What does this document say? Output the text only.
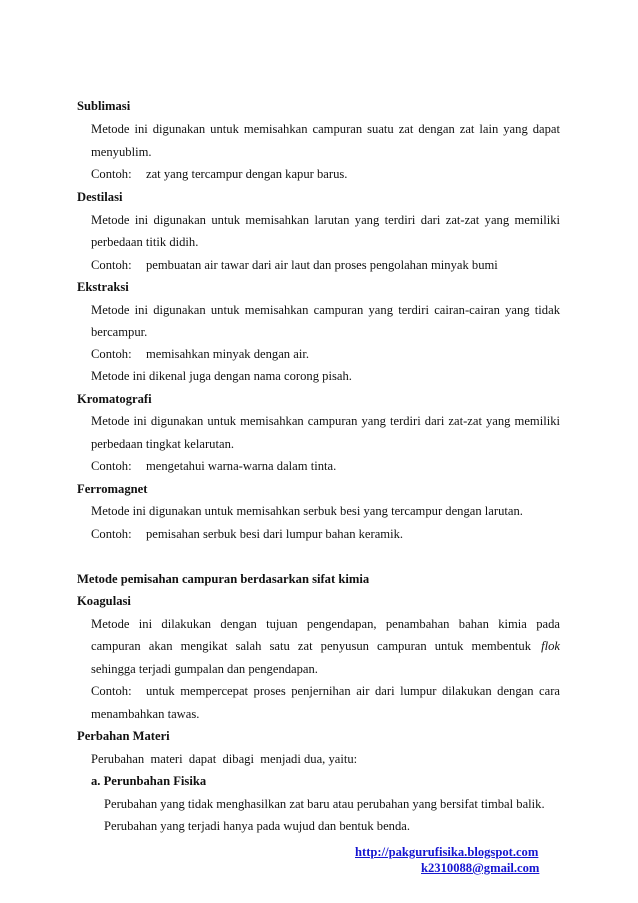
Sublimasi
Metode ini digunakan untuk memisahkan campuran suatu zat dengan zat lain yang dapat
menyublim.
Contoh: zat yang tercampur dengan kapur barus.
Destilasi
Metode ini digunakan untuk memisahkan larutan yang terdiri dari zat-zat yang memiliki
perbedaan titik didih.
Contoh: pembuatan air tawar dari air laut dan proses pengolahan minyak bumi
Ekstraksi
Metode ini digunakan untuk memisahkan campuran yang terdiri cairan-cairan yang tidak
bercampur.
Contoh: memisahkan minyak dengan air.
Metode ini dikenal juga dengan nama corong pisah.
Kromatografi
Metode ini digunakan untuk memisahkan campuran yang terdiri dari zat-zat yang memiliki
perbedaan tingkat kelarutan.
Contoh: mengetahui warna-warna dalam tinta.
Ferromagnet
Metode ini digunakan untuk memisahkan serbuk besi yang tercampur dengan larutan.
Contoh: pemisahan serbuk besi dari lumpur bahan keramik.
Metode pemisahan campuran berdasarkan sifat kimia
Koagulasi
Metode ini dilakukan dengan tujuan pengendapan, penambahan bahan kimia pada
campuran akan mengikat salah satu zat penyusun campuran untuk membentuk flok
sehingga terjadi gumpalan dan pengendapan.
Contoh:	untuk mempercepat proses penjernihan air dari lumpur dilakukan dengan cara
menambahkan tawas.
Perbahan Materi
Perubahan  materi  dapat  dibagi  menjadi dua, yaitu:
a. Perunbahan Fisika
Perubahan yang tidak menghasilkan zat baru atau perubahan yang bersifat timbal balik.
Perubahan yang terjadi hanya pada wujud dan bentuk benda.
http://pakgurufisika.blogspot.com
k2310088@gmail.com
